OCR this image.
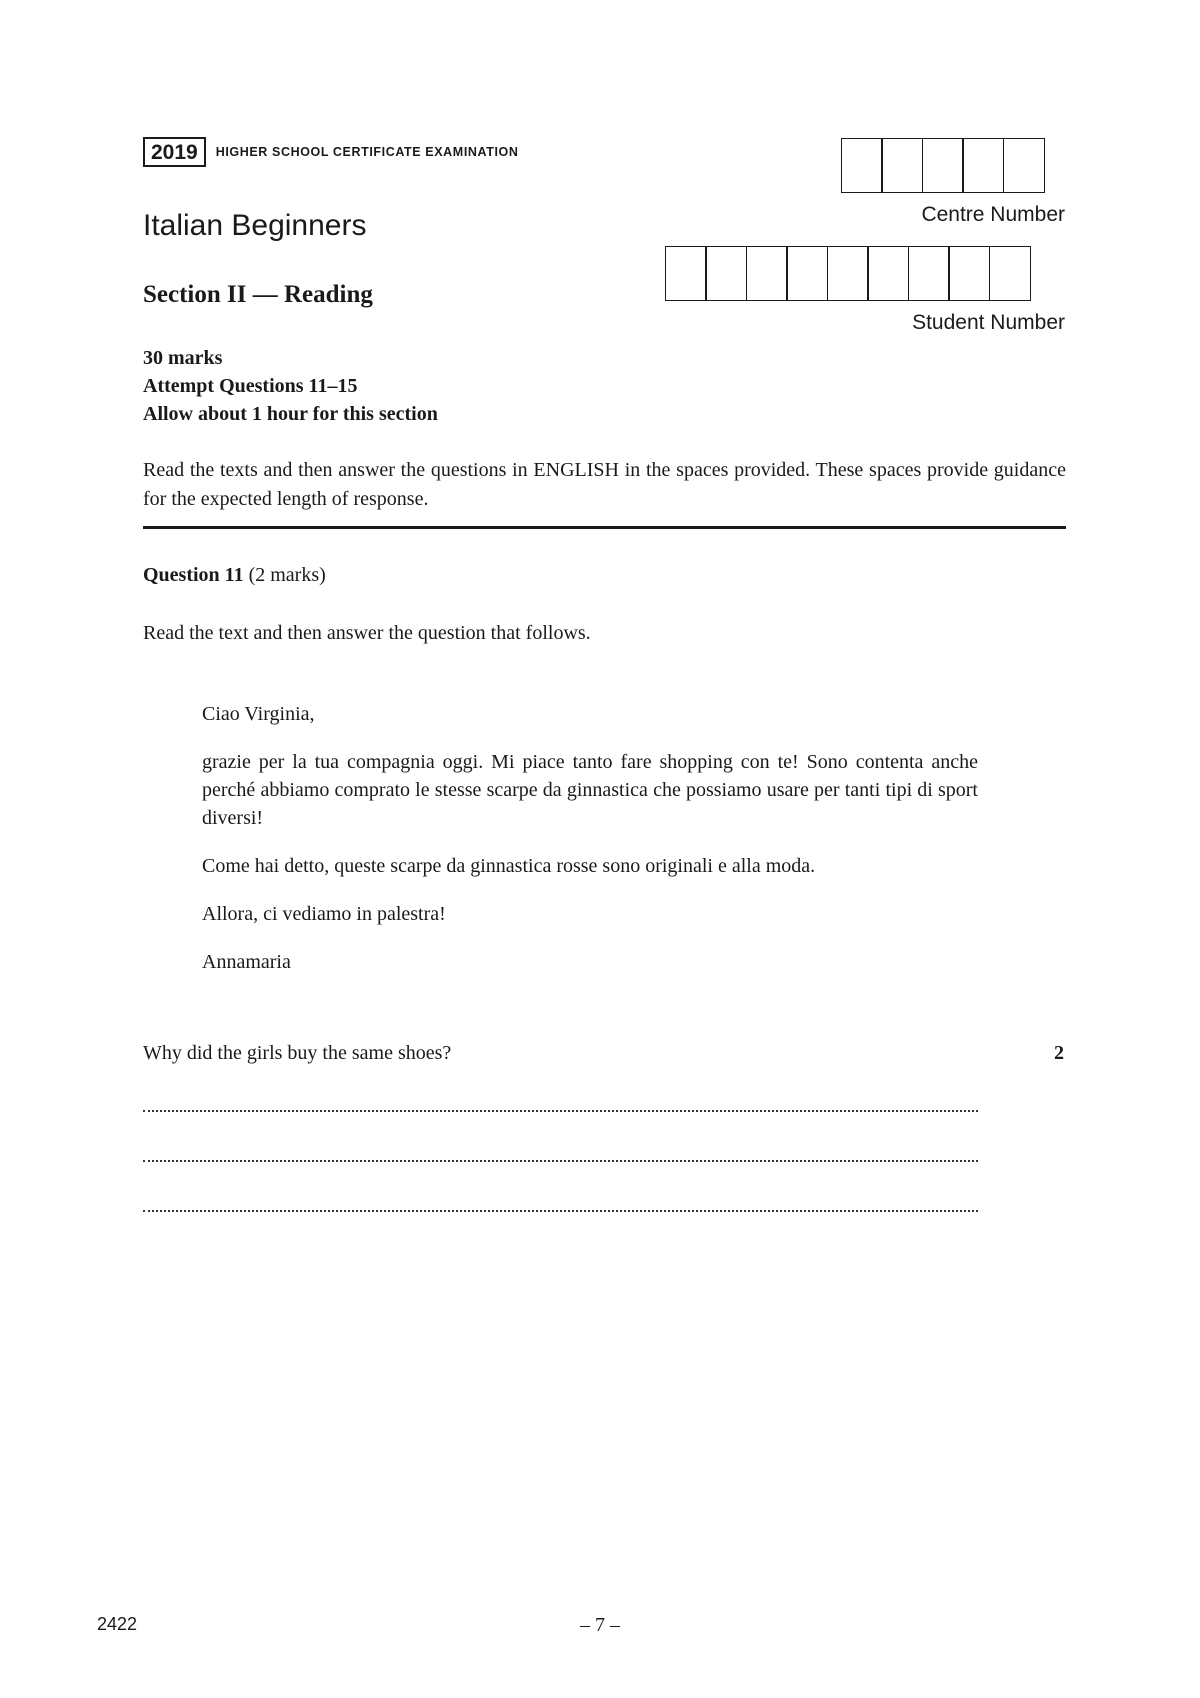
2019	HIGHER SCHOOL CERTIFICATE EXAMINATION
Italian Beginners
Section II — Reading
Centre Number
Student Number
30 marks
Attempt Questions 11–15
Allow about 1 hour for this section

Read the texts and then answer the questions in ENGLISH in the spaces provided. These spaces provide guidance for the expected length of response.

Question 11 (2 marks)
Read the text and then answer the question that follows.

Ciao Virginia,

grazie per la tua compagnia oggi. Mi piace tanto fare shopping con te! Sono contenta anche perché abbiamo comprato le stesse scarpe da ginnastica che possiamo usare per tanti tipi di sport diversi!

Come hai detto, queste scarpe da ginnastica rosse sono originali e alla moda.

Allora, ci vediamo in palestra!

Annamaria

Why did the girls buy the same shoes?	2
2422	– 7 –
